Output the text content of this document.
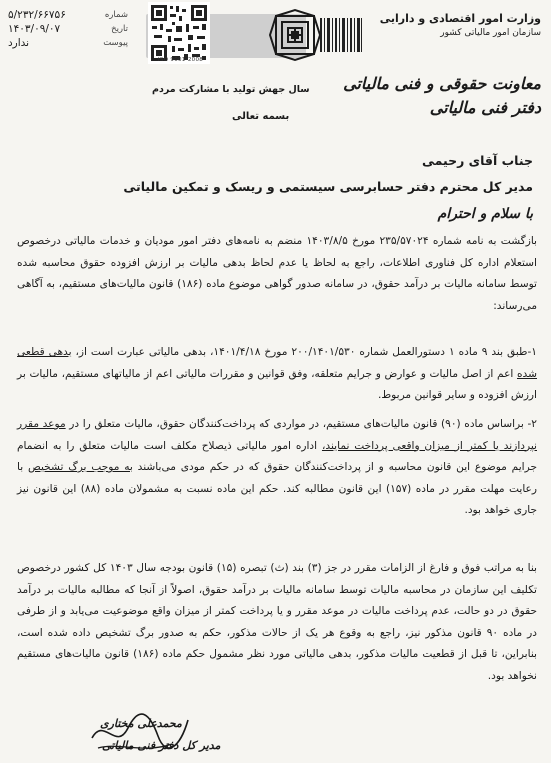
شماره
۵/۲۳۲/۶۶۷۵۶
تاریخ
۱۴۰۳/۰۹/۰۷
پیوست
ندارد
ISO 9001-2008
وزارت امور اقتصادی و دارایی
سازمان امور مالیاتی کشور
معاونت حقوقی و فنی مالیاتی
دفتر فنی مالیاتی
سال جهش تولید با مشارکت مردم
بسمه تعالی
جناب آقای رحیمی
مدیر کل محترم دفتر حسابرسی سیستمی و ریسک و تمکین مالیاتی
با سلام و احترام
بازگشت به نامه شماره ۲۳۵/۵۷۰۲۴ مورخ ۱۴۰۳/۸/۵ منضم به نامه‌های دفتر امور مودیان و خدمات مالیاتی درخصوص استعلام اداره کل فناوری اطلاعات، راجع به لحاظ یا عدم لحاظ بدهی مالیات بر ارزش افزوده حقوق محاسبه شده توسط سامانه مالیات بر درآمد حقوق، در سامانه صدور گواهی موضوع ماده (۱۸۶) قانون مالیات‌های مستقیم، به آگاهی می‌رساند:
۱-طبق بند ۹ ماده ۱ دستورالعمل شماره ۲۰۰/۱۴۰۱/۵۳۰ مورخ ۱۴۰۱/۴/۱۸، بدهی مالیاتی عبارت است از، بدهی قطعی شده اعم از اصل مالیات و عوارض و جرایم متعلقه، وفق قوانین و مقررات مالیاتی اعم از مالیاتهای مستقیم، مالیات بر ارزش افزوده و سایر قوانین مربوط.
۲- براساس ماده (۹۰) قانون مالیات‌های مستقیم، در مواردی که پرداخت‌کنندگان حقوق، مالیات متعلق را در موعد مقرر نپردازند یا کمتر از میزان واقعی پرداخت نمایند، اداره امور مالیاتی ذیصلاح مکلف است مالیات متعلق را به انضمام جرایم موضوع این قانون محاسبه و از پرداخت‌کنندگان حقوق که در حکم مودی می‌باشند به موجب برگ تشخیص با رعایت مهلت مقرر در ماده (۱۵۷) این قانون مطالبه کند. حکم این ماده نسبت به مشمولان ماده (۸۸) این قانون نیز جاری خواهد بود.
بنا به مراتب فوق و فارغ از الزامات مقرر در جز (۳) بند (ث) تبصره (۱۵) قانون بودجه سال ۱۴۰۳ کل کشور درخصوص تکلیف این سازمان در محاسبه مالیات توسط سامانه مالیات بر درآمد حقوق، اصولاً از آنجا که مطالبه مالیات بر درآمد حقوق در دو حالت، عدم پرداخت مالیات در موعد مقرر و یا پرداخت کمتر از میزان واقع موضوعیت می‌یابد و از طرفی در ماده ۹۰ قانون مذکور نیز، راجع به وقوع هر یک از حالات مذکور، حکم به صدور برگ تشخیص داده شده است، بنابراین، تا قبل از قطعیت مالیات مذکور، بدهی مالیاتی مورد نظر مشمول حکم ماده (۱۸۶) قانون مالیات‌های مستقیم نخواهد بود.
محمدعلی مختاری
مدیر کل دفتر فنی مالیاتی
